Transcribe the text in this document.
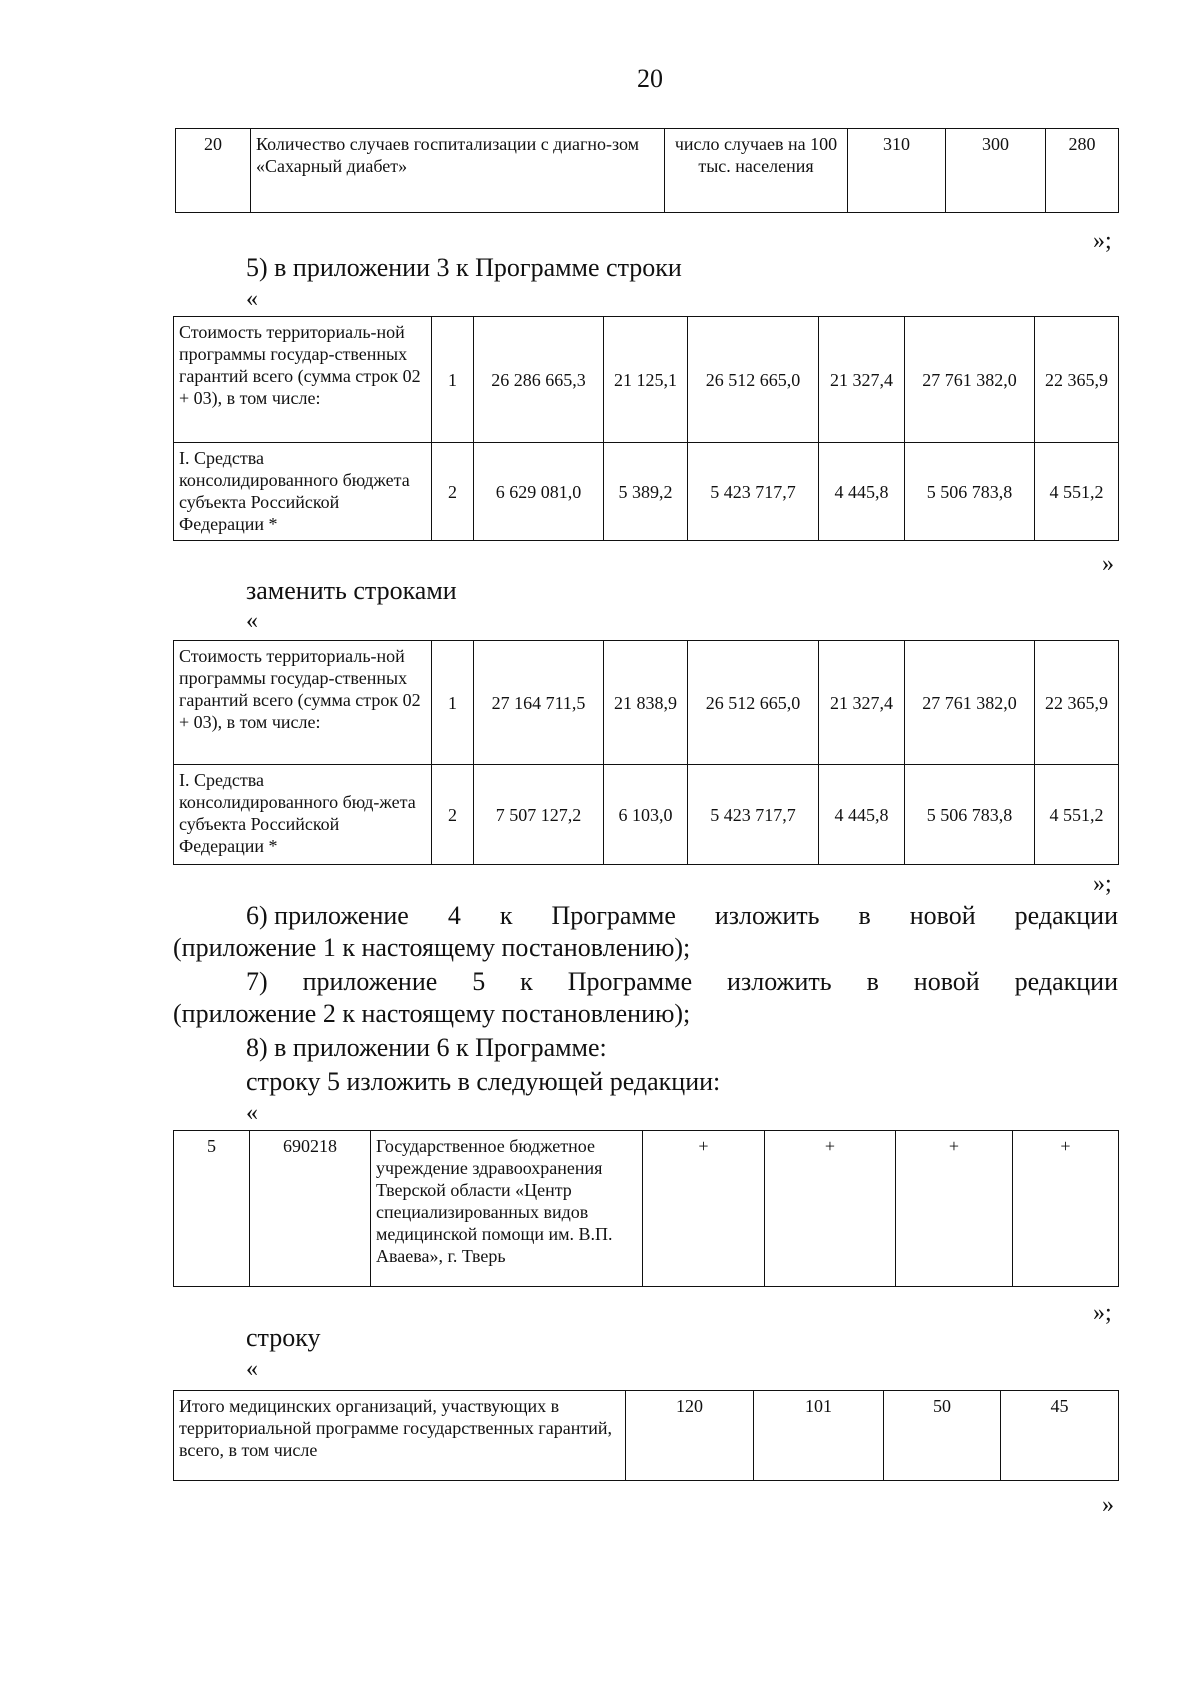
20
20	Количество случаев госпитализации с диагно-зом «Сахарный диабет»	число случаев на 100 тыс. населения	310	300	280
»;
5) в приложении 3 к Программе строки
«
Стоимость территориаль-ной программы государ-ственных гарантий всего (сумма строк 02 + 03), в том числе:	1	26 286 665,3	21 125,1	26 512 665,0	21 327,4	27 761 382,0	22 365,9
I. Средства консолидированного бюджета субъекта Российской Федерации *	2	6 629 081,0	5 389,2	5 423 717,7	4 445,8	5 506 783,8	4 551,2
»
заменить строками
«
Стоимость территориаль-ной программы государ-ственных гарантий всего (сумма строк 02 + 03), в том числе:	1	27 164 711,5	21 838,9	26 512 665,0	21 327,4	27 761 382,0	22 365,9
I. Средства консолидированного бюд-жета субъекта Российской Федерации *	2	7 507 127,2	6 103,0	5 423 717,7	4 445,8	5 506 783,8	4 551,2
»;
6) приложение 4 к Программе изложить в новой редакции
(приложение 1 к настоящему постановлению);
7) приложение 5 к Программе изложить в новой редакции
(приложение 2 к настоящему постановлению);
8) в приложении 6 к Программе:
строку 5 изложить в следующей редакции:
«
5	690218	Государственное бюджетное учреждение здравоохранения Тверской области «Центр специализированных видов медицинской помощи им. В.П. Аваева», г. Тверь	+	+	+	+
»;
строку
«
Итого медицинских организаций, участвующих в территориальной программе государственных гарантий, всего, в том числе	120	101	50	45
»
